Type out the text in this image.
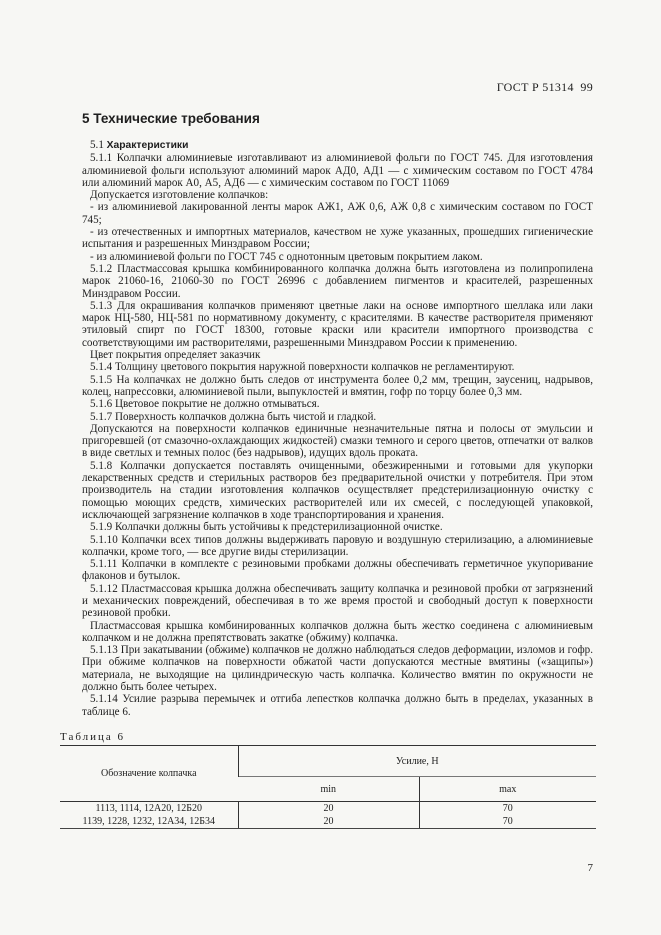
ГОСТ Р 51314 99
5 Технические требования

5.1 Характеристики

5.1.1 Колпачки алюминиевые изготавливают из алюминиевой фольги по ГОСТ 745. Для изготовления алюминиевой фольги используют алюминий марок АД0, АД1 — с химическим составом по ГОСТ 4784 или алюминий марок А0, А5, АД6 — с химическим составом по ГОСТ 11069

Допускается изготовление колпачков:

- из алюминиевой лакированной ленты марок АЖ1, АЖ 0,6, АЖ 0,8 с химическим составом по ГОСТ 745;

- из отечественных и импортных материалов, качеством не хуже указанных, прошедших гигиенические испытания и разрешенных Минздравом России;

- из алюминиевой фольги по ГОСТ 745 с однотонным цветовым покрытием лаком.

5.1.2 Пластмассовая крышка комбинированного колпачка должна быть изготовлена из полипропилена марок 21060-16, 21060-30 по ГОСТ 26996 с добавлением пигментов и красителей, разрешенных Минздравом России.

5.1.3 Для окрашивания колпачков применяют цветные лаки на основе импортного шеллака или лаки марок НЦ-580, НЦ-581 по нормативному документу, с красителями. В качестве растворителя применяют этиловый спирт по ГОСТ 18300, готовые краски или красители импортного производства с соответствующими им растворителями, разрешенными Минздравом России к применению.

Цвет покрытия определяет заказчик

5.1.4 Толщину цветового покрытия наружной поверхности колпачков не регламентируют.

5.1.5 На колпачках не должно быть следов от инструмента более 0,2 мм, трещин, заусениц, надрывов, колец, напрессовки, алюминиевой пыли, выпуклостей и вмятин, гофр по торцу более 0,3 мм.

5.1.6 Цветовое покрытие не должно отмываться.

5.1.7 Поверхность колпачков должна быть чистой и гладкой.

Допускаются на поверхности колпачков единичные незначительные пятна и полосы от эмульсии и пригоревшей (от смазочно-охлаждающих жидкостей) смазки темного и серого цветов, отпечатки от валков в виде светлых и темных полос (без надрывов), идущих вдоль проката.

5.1.8 Колпачки допускается поставлять очищенными, обезжиренными и готовыми для укупорки лекарственных средств и стерильных растворов без предварительной очистки у потребителя. При этом производитель на стадии изготовления колпачков осуществляет предстерилизационную очистку с помощью моющих средств, химических растворителей или их смесей, с последующей упаковкой, исключающей загрязнение колпачков в ходе транспортирования и хранения.

5.1.9 Колпачки должны быть устойчивы к предстерилизационной очистке.

5.1.10 Колпачки всех типов должны выдерживать паровую и воздушную стерилизацию, а алюминиевые колпачки, кроме того, — все другие виды стерилизации.

5.1.11 Колпачки в комплекте с резиновыми пробками должны обеспечивать герметичное укупоривание флаконов и бутылок.

5.1.12 Пластмассовая крышка должна обеспечивать защиту колпачка и резиновой пробки от загрязнений и механических повреждений, обеспечивая в то же время простой и свободный доступ к поверхности резиновой пробки.

Пластмассовая крышка комбинированных колпачков должна быть жестко соединена с алюминиевым колпачком и не должна препятствовать закатке (обжиму) колпачка.

5.1.13 При закатывании (обжиме) колпачков не должно наблюдаться следов деформации, изломов и гофр. При обжиме колпачков на поверхности обжатой части допускаются местные вмятины («защипы») материала, не выходящие на цилиндрическую часть колпачка. Количество вмятин по окружности не должно быть более четырех.

5.1.14 Усилие разрыва перемычек и отгиба лепестков колпачка должно быть в пределах, указанных в таблице 6.

Таблица 6
Обозначение колпачка	Усилие, Н	
	min	max
1113, 1114, 12А20, 12Б20	20	70
1139, 1228, 1232, 12А34, 12Б34	20	70
7
